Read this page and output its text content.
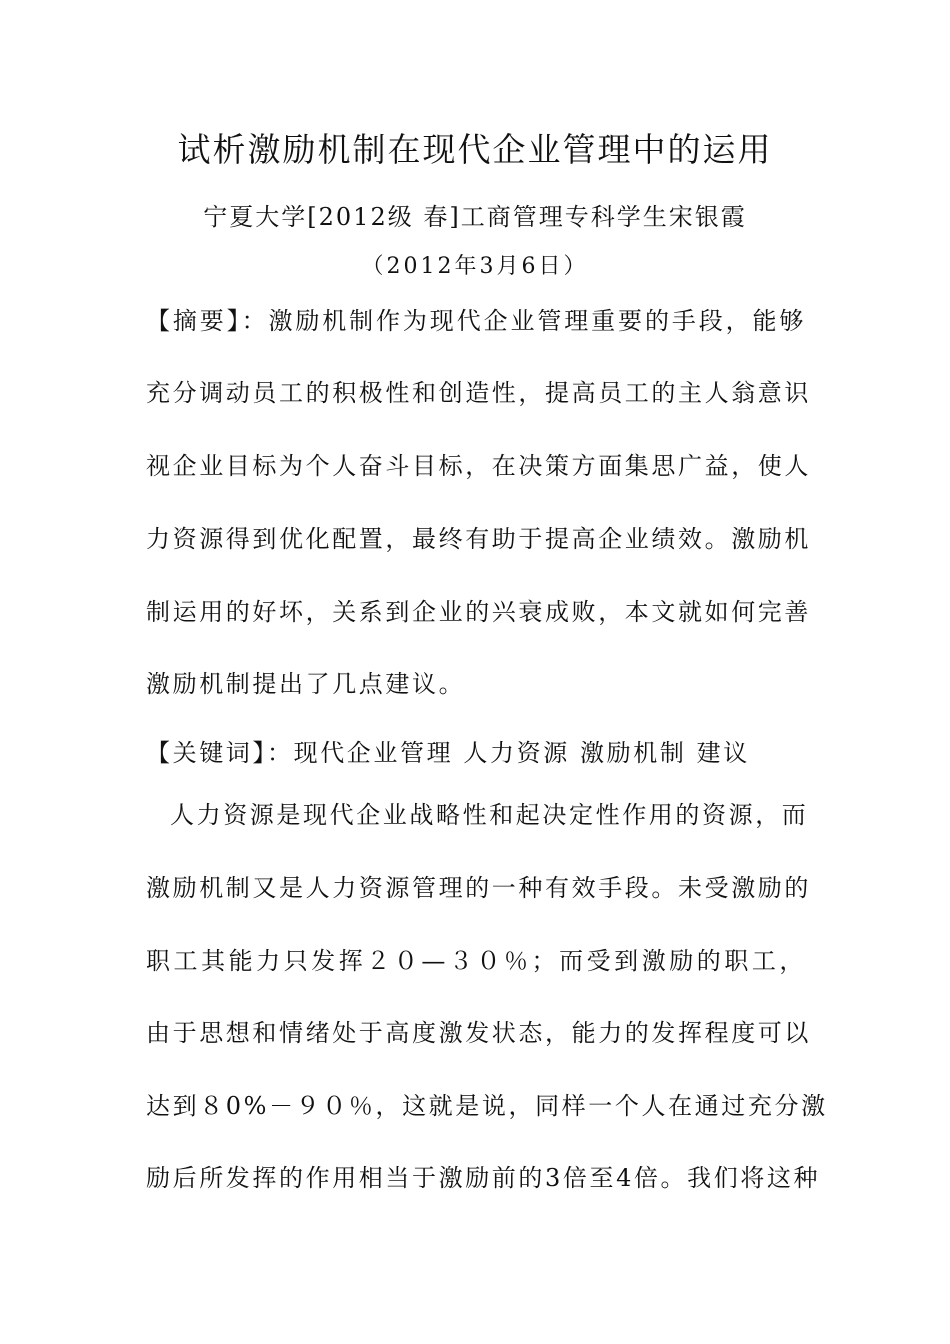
试析激励机制在现代企业管理中的运用
宁夏大学[2012级 春]工商管理专科学生宋银霞
（2012年3月6日）
【摘要】：激励机制作为现代企业管理重要的手段，能够
充分调动员工的积极性和创造性，提高员工的主人翁意识
视企业目标为个人奋斗目标，在决策方面集思广益，使人
力资源得到优化配置，最终有助于提高企业绩效。激励机
制运用的好坏，关系到企业的兴衰成败，本文就如何完善
激励机制提出了几点建议。
【关键词】：现代企业管理 人力资源 激励机制 建议
人力资源是现代企业战略性和起决定性作用的资源，而
激励机制又是人力资源管理的一种有效手段。未受激励的
职工其能力只发挥２０—３０％；而受到激励的职工，
由于思想和情绪处于高度激发状态，能力的发挥程度可以
达到８0%－９０％，这就是说，同样一个人在通过充分激
励后所发挥的作用相当于激励前的3倍至4倍。我们将这种
